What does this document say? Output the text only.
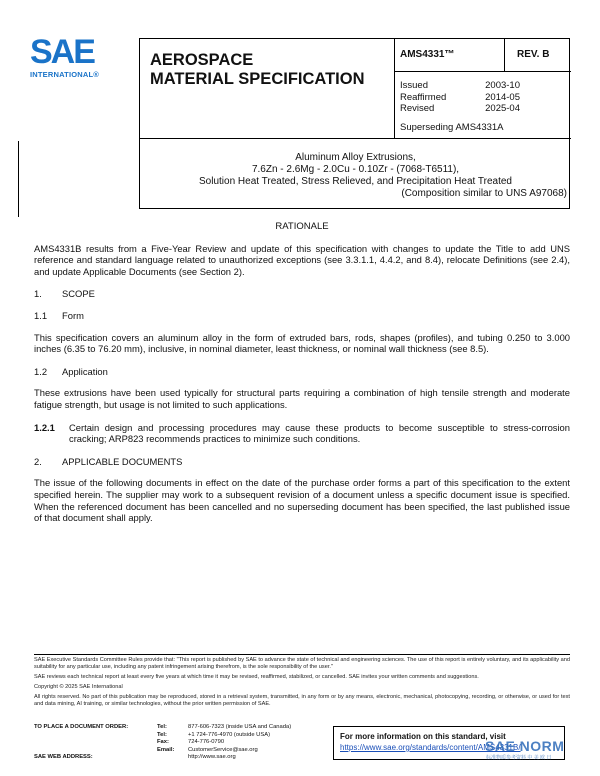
SAE
INTERNATIONAL®
AEROSPACE
MATERIAL SPECIFICATION
AMS4331™	REV. B
Issued	2003-10
Reaffirmed	2014-05
Revised	2025-04
Superseding AMS4331A
Aluminum Alloy Extrusions,
7.6Zn - 2.6Mg - 2.0Cu - 0.10Zr - (7068-T6511),
Solution Heat Treated, Stress Relieved, and Precipitation Heat Treated
(Composition similar to UNS A97068)
RATIONALE
AMS4331B results from a Five-Year Review and update of this specification with changes to update the Title to add UNS reference and standard language related to unauthorized exceptions (see 3.3.1.1, 4.4.2, and 8.4), relocate Definitions (see 2.4), and update Applicable Documents (see Section 2).
1. SCOPE
1.1 Form
This specification covers an aluminum alloy in the form of extruded bars, rods, shapes (profiles), and tubing 0.250 to 3.000 inches (6.35 to 76.20 mm), inclusive, in nominal diameter, least thickness, or nominal wall thickness (see 8.5).
1.2 Application
These extrusions have been used typically for structural parts requiring a combination of high tensile strength and moderate fatigue strength, but usage is not limited to such applications.
1.2.1	Certain design and processing procedures may cause these products to become susceptible to stress-corrosion cracking; ARP823 recommends practices to minimize such conditions.
2. APPLICABLE DOCUMENTS
The issue of the following documents in effect on the date of the purchase order forms a part of this specification to the extent specified herein. The supplier may work to a subsequent revision of a document unless a specific document issue is specified. When the referenced document has been cancelled and no superseding document has been specified, the last published issue of that document shall apply.

SAE Executive Standards Committee Rules provide that: "This report is published by SAE to advance the state of technical and engineering sciences. The use of this report is entirely voluntary, and its applicability and suitability for any particular use, including any patent infringement arising therefrom, is the sole responsibility of the user."

SAE reviews each technical report at least every five years at which time it may be revised, reaffirmed, stabilized, or cancelled. SAE invites your written comments and suggestions.

Copyright © 2025 SAE International

All rights reserved. No part of this publication may be reproduced, stored in a retrieval system, transmitted, in any form or by any means, electronic, mechanical, photocopying, recording, or otherwise, or used for text and data mining, AI training, or similar technologies, without the prior written permission of SAE.

TO PLACE A DOCUMENT ORDER:
SAE WEB ADDRESS:
Tel:	877-606-7323 (inside USA and Canada)
Tel:	+1 724-776-4970 (outside USA)
Fax:	724-776-0790
Email: CustomerService@sae.org
http://www.sae.org
For more information on this standard, visit
https://www.sae.org/standards/content/AMS4331B/
SAE NORM
标准物质参考资料 中 美 欧 日
